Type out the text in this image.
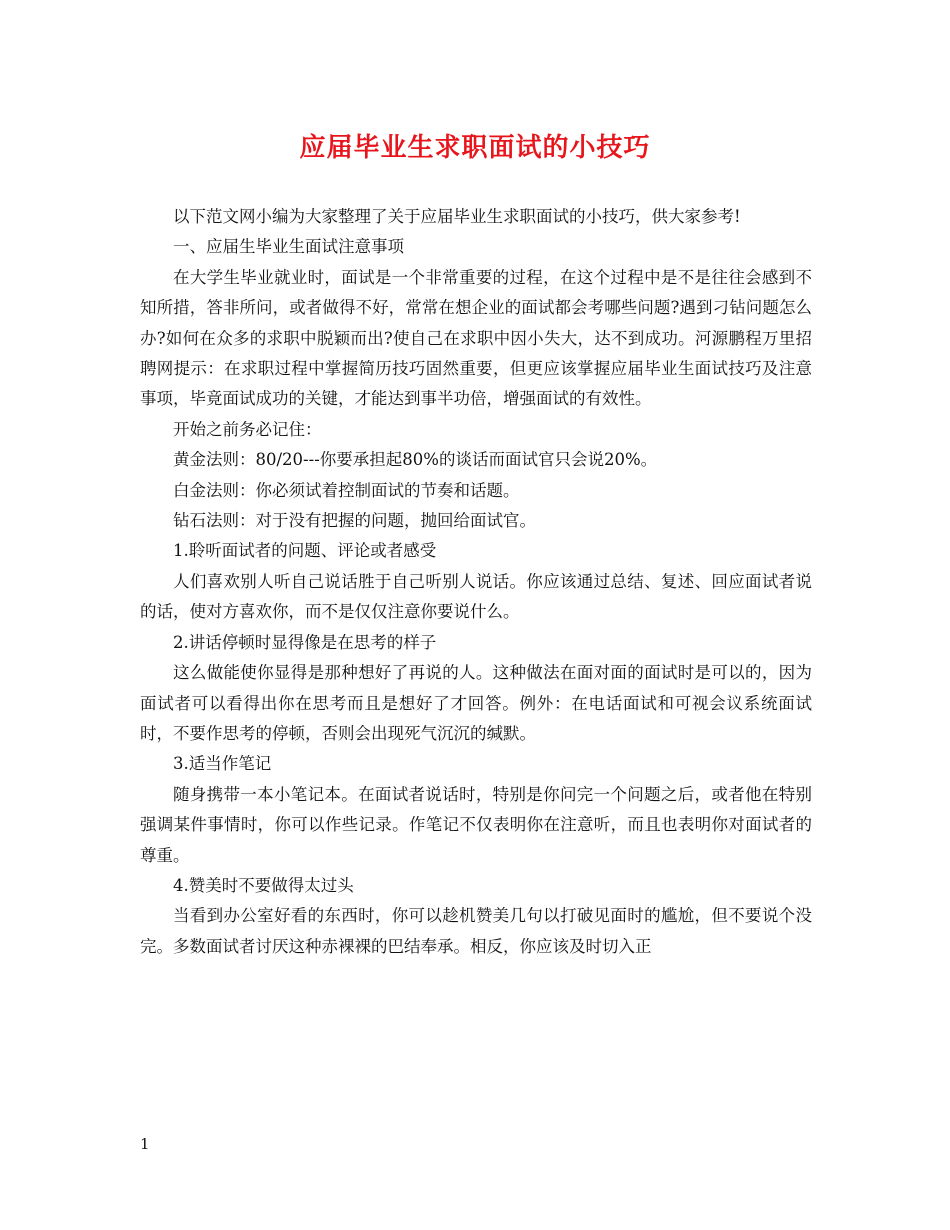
应届毕业生求职面试的小技巧

以下范文网小编为大家整理了关于应届毕业生求职面试的小技巧，供大家参考!

一、应届生毕业生面试注意事项

在大学生毕业就业时，面试是一个非常重要的过程，在这个过程中是不是往往会感到不知所措，答非所问，或者做得不好，常常在想企业的面试都会考哪些问题?遇到刁钻问题怎么办?如何在众多的求职中脱颖而出?使自己在求职中因小失大，达不到成功。河源鹏程万里招聘网提示：在求职过程中掌握简历技巧固然重要，但更应该掌握应届毕业生面试技巧及注意事项，毕竟面试成功的关键，才能达到事半功倍，增强面试的有效性。

开始之前务必记住：

黄金法则：80/20---你要承担起80%的谈话而面试官只会说20%。

白金法则：你必须试着控制面试的节奏和话题。

钻石法则：对于没有把握的问题，抛回给面试官。

1.聆听面试者的问题、评论或者感受

人们喜欢别人听自己说话胜于自己听别人说话。你应该通过总结、复述、回应面试者说的话，使对方喜欢你，而不是仅仅注意你要说什么。

2.讲话停顿时显得像是在思考的样子

这么做能使你显得是那种想好了再说的人。这种做法在面对面的面试时是可以的，因为面试者可以看得出你在思考而且是想好了才回答。例外：在电话面试和可视会议系统面试时，不要作思考的停顿，否则会出现死气沉沉的缄默。

3.适当作笔记

随身携带一本小笔记本。在面试者说话时，特别是你问完一个问题之后，或者他在特别强调某件事情时，你可以作些记录。作笔记不仅表明你在注意听，而且也表明你对面试者的尊重。

4.赞美时不要做得太过头

当看到办公室好看的东西时，你可以趁机赞美几句以打破见面时的尴尬，但不要说个没完。多数面试者讨厌这种赤裸裸的巴结奉承。相反，你应该及时切入正

1
